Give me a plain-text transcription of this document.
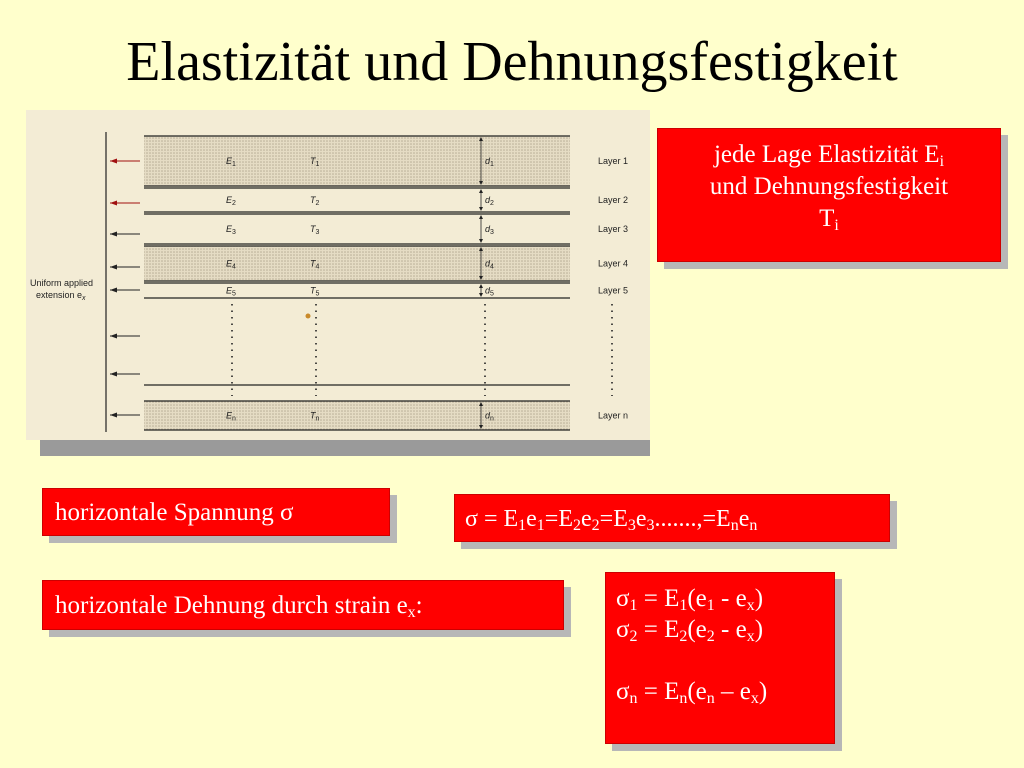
Elastizität und Dehnungsfestigkeit
$E_1$	$T_1$	$d_1$	Layer 1
$E_2$	$T_2$	$d_2$	Layer 2
$E_3$	$T_3$	$d_3$	Layer 3
$E_4$	$T_4$	$d_4$	Layer 4
$E_5$	$T_5$	$d_5$	Layer 5
$E_n$	$T_n$	$d_n$	Layer n
Uniform applied
extension $e_x$
jede Lage Elastizität $E_i$
und Dehnungsfestigkeit
$T_i$
horizontale Spannung σ	$\sigma = E_1e_1=E_2e_2=E_3e_3.......,=E_ne_n$
horizontale Dehnung durch strain $e_x$:	$\sigma_1 = E_1(e_1 - e_x)$
$\sigma_2 = E_2(e_2 - e_x)$
$\sigma_n = E_n(e_n - e_x)$
